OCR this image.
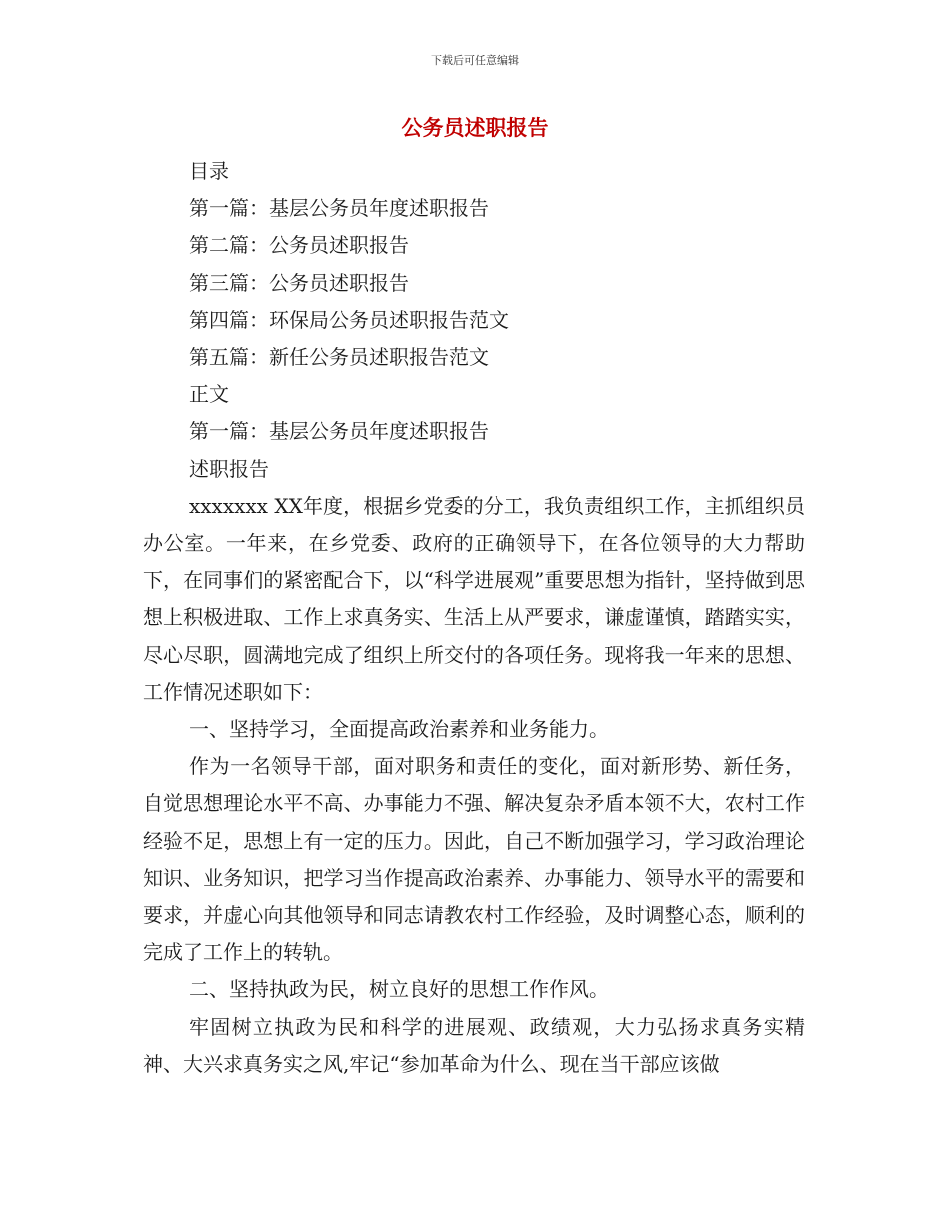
下载后可任意编辑
公务员述职报告

目录

第一篇：基层公务员年度述职报告

第二篇：公务员述职报告

第三篇：公务员述职报告

第四篇：环保局公务员述职报告范文

第五篇：新任公务员述职报告范文

正文

第一篇：基层公务员年度述职报告

述职报告

xxxxxxx XX年度，根据乡党委的分工，我负责组织工作，主抓组织员办公室。一年来，在乡党委、政府的正确领导下，在各位领导的大力帮助下，在同事们的紧密配合下，以“科学进展观”重要思想为指针，坚持做到思想上积极进取、工作上求真务实、生活上从严要求，谦虚谨慎，踏踏实实，尽心尽职，圆满地完成了组织上所交付的各项任务。现将我一年来的思想、工作情况述职如下：

一、坚持学习，全面提高政治素养和业务能力。

作为一名领导干部，面对职务和责任的变化，面对新形势、新任务，自觉思想理论水平不高、办事能力不强、解决复杂矛盾本领不大，农村工作经验不足，思想上有一定的压力。因此，自己不断加强学习，学习政治理论知识、业务知识，把学习当作提高政治素养、办事能力、领导水平的需要和要求，并虚心向其他领导和同志请教农村工作经验，及时调整心态，顺利的完成了工作上的转轨。

二、坚持执政为民，树立良好的思想工作作风。

牢固树立执政为民和科学的进展观、政绩观，大力弘扬求真务实精神、大兴求真务实之风,牢记“参加革命为什么、现在当干部应该做
